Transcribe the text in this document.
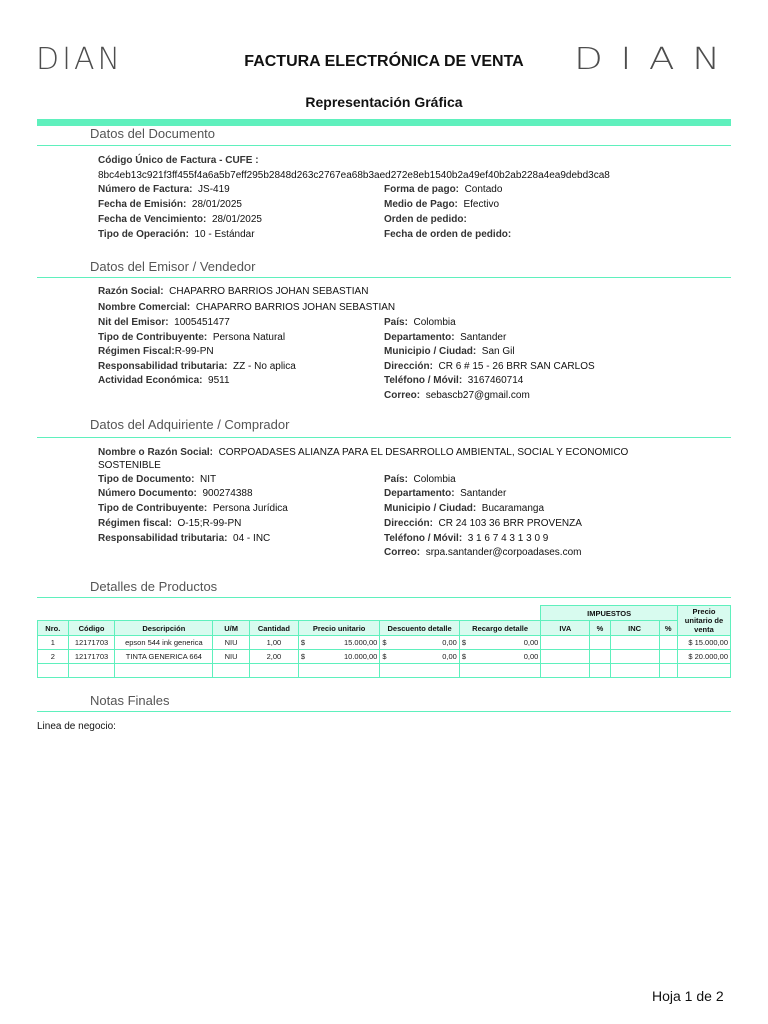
DIAN	DIAN
FACTURA ELECTRÓNICA DE VENTA
Representación Gráfica
Datos del Documento
Código Único de Factura - CUFE :
8bc4eb13c921f3ff455f4a6a5b7eff295b2848d263c2767ea68b3aed272e8eb1540b2a49ef40b2ab228a4ea9debd3ca8
Número de Factura: JS-419
Fecha de Emisión: 28/01/2025
Fecha de Vencimiento: 28/01/2025
Tipo de Operación: 10 - Estándar
Forma de pago: Contado
Medio de Pago: Efectivo
Orden de pedido:
Fecha de orden de pedido:
Datos del Emisor / Vendedor
Razón Social: CHAPARRO BARRIOS JOHAN SEBASTIAN
Nombre Comercial: CHAPARRO BARRIOS JOHAN SEBASTIAN
Nit del Emisor: 1005451477
Tipo de Contribuyente: Persona Natural
Régimen Fiscal:R-99-PN
Responsabilidad tributaria: ZZ - No aplica
Actividad Económica: 9511
País: Colombia
Departamento: Santander
Municipio / Ciudad: San Gil
Dirección: CR 6 # 15 - 26 BRR SAN CARLOS
Teléfono / Móvil: 3167460714
Correo: sebascb27@gmail.com
Datos del Adquiriente / Comprador
Nombre o Razón Social: CORPOADASES ALIANZA PARA EL DESARROLLO AMBIENTAL, SOCIAL Y ECONOMICO SOSTENIBLE
Tipo de Documento: NIT
Número Documento: 900274388
Tipo de Contribuyente: Persona Jurídica
Régimen fiscal: O-15;R-99-PN
Responsabilidad tributaria: 04 - INC
País: Colombia
Departamento: Santander
Municipio / Ciudad: Bucaramanga
Dirección: CR 24 103 36 BRR PROVENZA
Teléfono / Móvil: 3 1 6 7 4 3 1 3 0 9
Correo: srpa.santander@corpoadases.com
Detalles de Productos
								IMPUESTOS				Precio unitario de venta
Nro.	Código	Descripción	U/M	Cantidad	Precio unitario	Descuento detalle	Recargo detalle	IVA	%	INC	%	
1	12171703	epson 544 ink generica	NIU	1,00	$ 15.000,00	$ 0,00	$ 0,00					$ 15.000,00
2	12171703	TINTA GENERICA 664	NIU	2,00	$ 10.000,00	$ 0,00	$ 0,00					$ 20.000,00

Notas Finales
Linea de negocio:
Hoja 1 de 2
